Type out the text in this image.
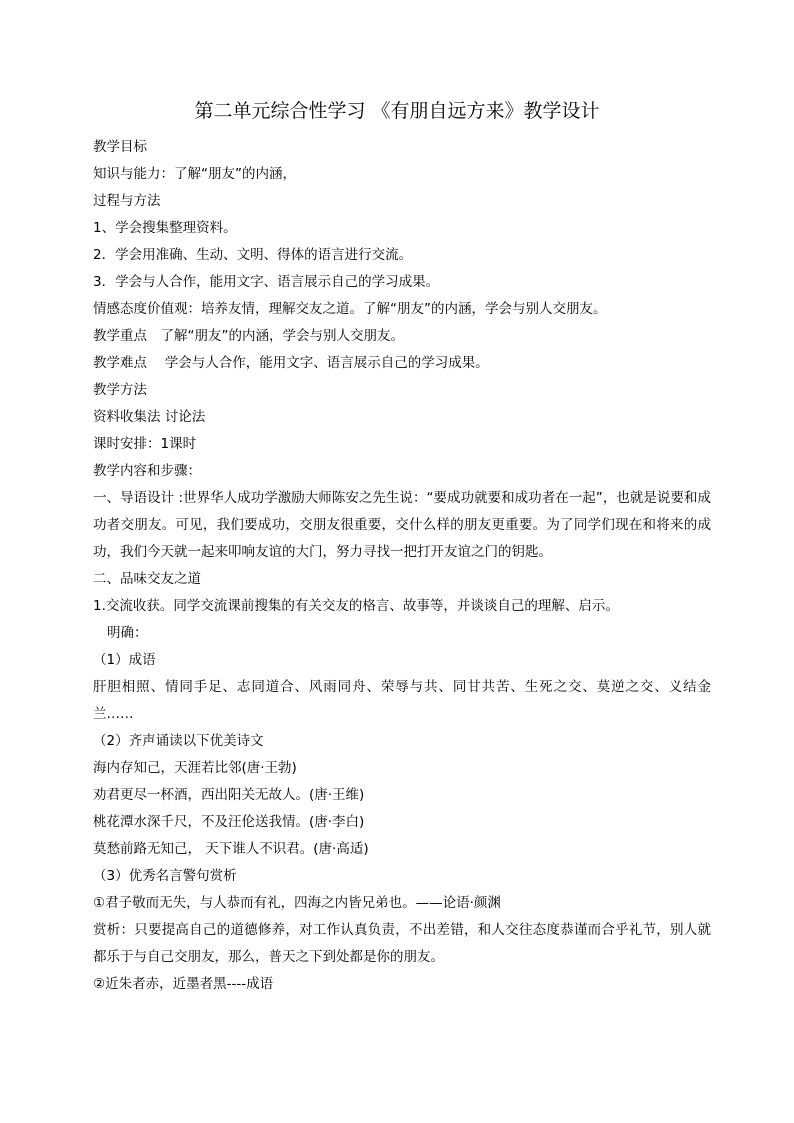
第二单元综合性学习 《有朋自远方来》教学设计
教学目标
知识与能力：了解“朋友”的内涵，
过程与方法
1、学会搜集整理资料。
2．学会用准确、生动、文明、得体的语言进行交流。
3．学会与人合作，能用文字、语言展示自己的学习成果。
情感态度价值观：培养友情，理解交友之道。了解“朋友”的内涵，学会与别人交朋友。
教学重点　了解“朋友”的内涵，学会与别人交朋友。
教学难点　 学会与人合作，能用文字、语言展示自己的学习成果。
教学方法
资料收集法 讨论法
课时安排：1课时
教学内容和步骤：
一、导语设计 :世界华人成功学激励大师陈安之先生说：“要成功就要和成功者在一起”，也就是说要和成功者交朋友。可见，我们要成功，交朋友很重要，交什么样的朋友更重要。为了同学们现在和将来的成功，我们今天就一起来叩响友谊的大门，努力寻找一把打开友谊之门的钥匙。
二、品味交友之道
1.交流收获。同学交流课前搜集的有关交友的格言、故事等，并谈谈自己的理解、启示。
明确：
（1）成语
肝胆相照、情同手足、志同道合、风雨同舟、荣辱与共、同甘共苦、生死之交、莫逆之交、义结金兰……
（2）齐声诵读以下优美诗文
海内存知己，天涯若比邻(唐·王勃)
劝君更尽一杯酒，西出阳关无故人。(唐·王维)
桃花潭水深千尺，不及汪伦送我情。(唐·李白)
莫愁前路无知己， 天下谁人不识君。(唐·高适)
（3）优秀名言警句赏析
①君子敬而无失，与人恭而有礼，四海之内皆兄弟也。——论语·颜渊
赏析：只要提高自己的道德修养，对工作认真负责，不出差错，和人交往态度恭谨而合乎礼节，别人就都乐于与自己交朋友，那么，普天之下到处都是你的朋友。
②近朱者赤，近墨者黑----成语
